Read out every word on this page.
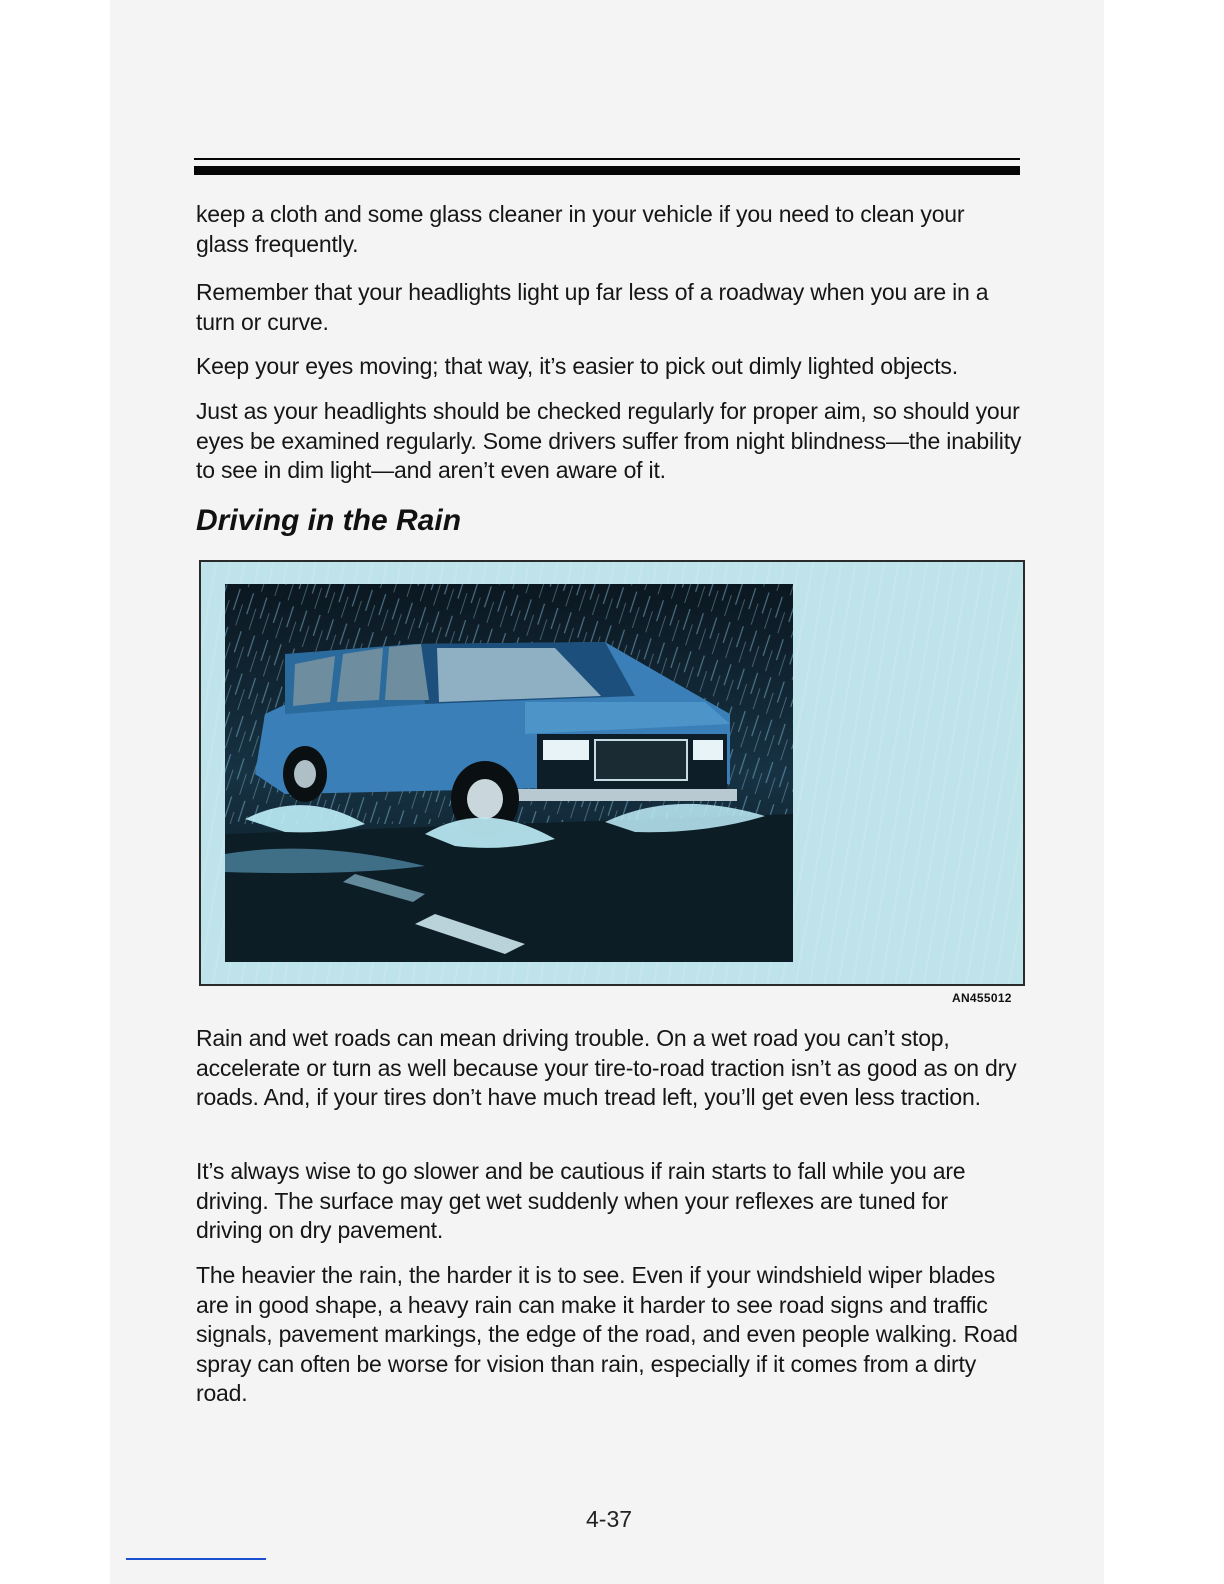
keep a cloth and some glass cleaner in your vehicle if you need to clean your glass frequently.

Remember that your headlights light up far less of a roadway when you are in a turn or curve.

Keep your eyes moving; that way, it’s easier to pick out dimly lighted objects.

Just as your headlights should be checked regularly for proper aim, so should your eyes be examined regularly. Some drivers suffer from night blindness—the inability to see in dim light—and aren’t even aware of it.

Driving in the Rain
AN455012

Rain and wet roads can mean driving trouble. On a wet road you can’t stop, accelerate or turn as well because your tire-to-road traction isn’t as good as on dry roads. And, if your tires don’t have much tread left, you’ll get even less traction.

It’s always wise to go slower and be cautious if rain starts to fall while you are driving. The surface may get wet suddenly when your reflexes are tuned for driving on dry pavement.

The heavier the rain, the harder it is to see. Even if your windshield wiper blades are in good shape, a heavy rain can make it harder to see road signs and traffic signals, pavement markings, the edge of the road, and even people walking. Road spray can often be worse for vision than rain, especially if it comes from a dirty road.

4-37
